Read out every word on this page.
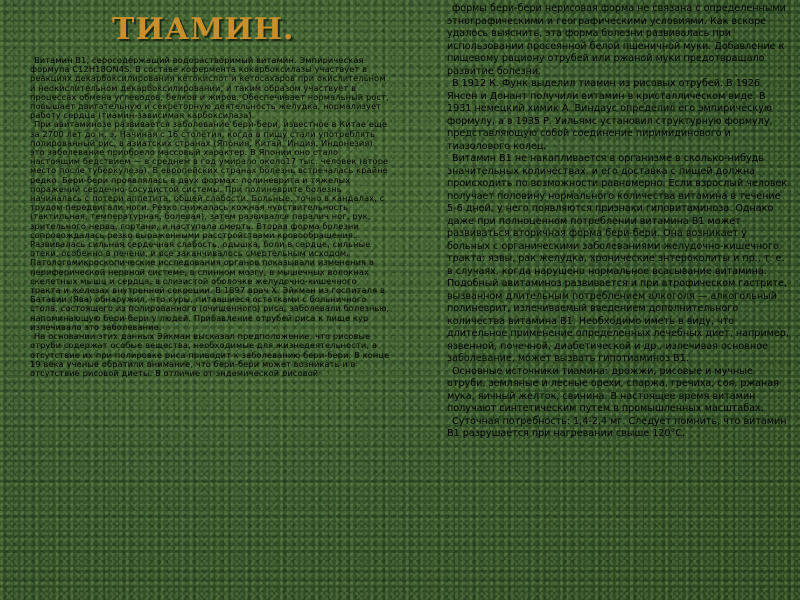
ТИАМИН.

Витамин B1, серосодержащий водорастворимый витамин. Эмпирическая формула C12H18ON4S. В составе кофермента кокарбоксилазы участвует в реакциях декарбоксилирования кетокислот и кетосахаров при окислительном и неокислительном декарбоксилировании, и таким образом участвует в процессах обмена углеводов, белков и жиров. Обеспечивает нормальный рост, повышает двигательную и секреторную деятельность желудка, нормализует работу сердца (тиамин-зависимая карбоксилаза).

При авитаминозе развивается заболевание бери-бери, известное в Китае еще за 2700 лет до н. э. Начиная с 16 столетия, когда в пищу стали употреблять полированный рис, в азиатских странах (Япония, Китай, Индия, Индонезия) это заболевание приобрело массовый характер. В Японии оно стало настоящим бедствием — в среднем в год умирало около17 тыс. человек (вторе место после туберкулеза). В европейских странах болезнь встречалась крайне редко. Бери-бери проявлялась в двух формах: полиневрита и тяжелых поражений сердечно-сосудистой системы. При полиневрите болезнь начиналась с потери аппетита, общей слабости. Больные, точно в кандалах, с трудом передвигали ноги. Резко снижалась кожная чувствительность (тактильная, температурная, болевая), затем развивался паралич ног, рук, зрительного нерва, гортани, и наступала смерть. Вторая форма болезни сопровождалась резко выраженными расстройствами кровообращения. Развивалась сильная сердечная слабость, одышка, боли в сердце, сильные отеки, особенно в печени, и все заканчивалось смертельным исходом. Патологомикроскопические исследования органов показывали изменения в периферической нервной системе, в спинном мозгу, в мышечных волокнах скелетных мышц и сердца, в слизистой оболочке желудочно-кишечного тракта и железах внутренней секреции. В 1897 врач Х. Эйкман из госпиталя в Батавии (Ява) обнаружил, что куры, питавшиеся остатками с больничного стола, состоящего из полированного (очищенного) риса, заболевали болезнью, напоминающую бери-бери у людей. Прибавление отрубей риса к пище кур излечивало это заболевание.

На основании этих данных Эйкман высказал предположение, что рисовые отруби содержат особые вещества, необходимые для жизнедеятельности, а отсутствие их при полировке риса приводит к заболеванию бери-бери. В конце 19 века ученые обратили внимание, что бери-бери может возникать и в отсутствие рисовой диеты. В отличие от эндемической рисовой

формы бери-бери нерисовая форма не связана с определенными этнографическими и географическими условиями. Как вскоре удалось выяснить, эта форма болезни развивалась при использовании просеянной белой пшеничной муки. Добавление к пищевому рациону отрубей или ржаной муки предотвращало развитие болезни.

В 1912 К. Функ выделил тиамин из рисовых отрубей. В 1926 Янсен и Донант получили витамин в кристаллическом виде. В 1931 немецкий химик А. Виндаус определил его эмпирическую формулу, а в 1935 Р. Уильямс установил структурную формулу, представляющую собой соединение пиримидинового и тиазолового колец.

Витамин B1 не накапливается в организме в сколько-нибудь значительных количествах, и его доставка с пищей должна происходить по возможности равномерно. Если взрослый человек получает половину нормального количества витамина в течение 5-6 дней, у него появляются признаки гиповитаминоза. Однако даже при полноценном потреблении витамина B1 может развиваться вторичная форма бери-бери. Она возникает у больных с органическими заболеваниями желудочно-кишечного тракта: язвы, рак желудка, хронические энтероколиты и пр., т. е. в случаях, когда нарушено нормальное всасывание витамина. Подобный авитаминоз развивается и при атрофическом гастрите, вызванном длительным потреблением алкоголя — алкогольный полиневрит, излечиваемый введением дополнительного количества витамина B1. Необходимо иметь в виду, что длительное применение определенных лечебных диет, например, язвенной, почечной, диабетической и др., излечивая основное заболевание, может вызвать гипотиаминоз B1.

Основные источники тиамина: дрожжи, рисовые и мучные отруби, земляные и лесные орехи, спаржа, гречиха, соя, ржаная мука, яичный желток, свинина. В настоящее время витамин получают синтетическим путем в промышленных масштабах.

Суточная потребность: 1,4-2,4 мг. Следует помнить, что витамин B1 разрушается при нагревании свыше 120°С.
